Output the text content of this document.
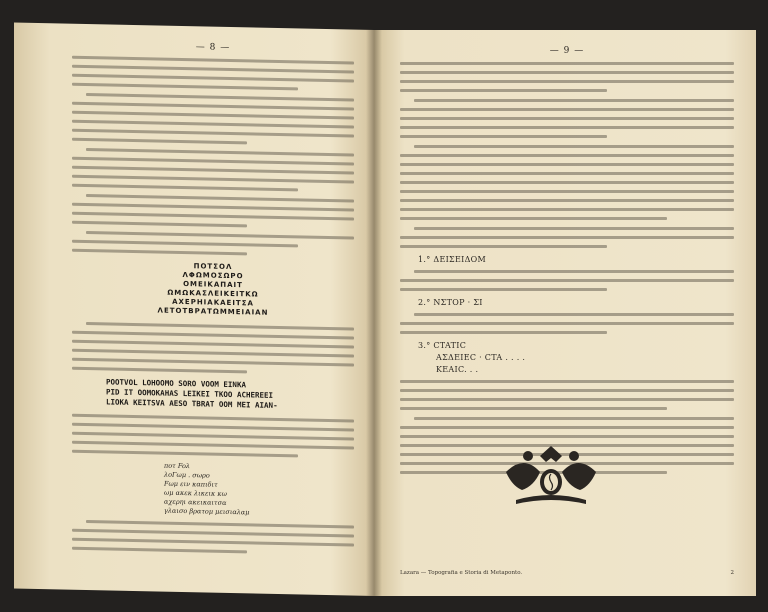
— 8 —
ΠΟΤΣΟΛ
ΛΦΩΜΟΣΩΡΟ
ΟΜΕΙΚΑΠΑΙΤ
ΩΜΩΚΑΣΛΕΙΚΕΙΤΚΩ
ΑΧΕΡΗΙΑΚΑΕΙΤΣΑ
ΛΕΤΟΤΒΡΑΤΩΜΜΕΙΑΙΑΝ
POOTVOL LOHOOMO SORO VOOM EINKA
PID IT OOMOKAHAS LEIKEI TKOO ACHEREEI
LIOKA KEITSVA AESO TBRAT OOM MEI AIAN-
ποτ Foλ
λοΓωμ . σωρο
Fωμ ειν καπιδιτ
ωμ ακεκ λικεικ κω
αχερηι ακεικαιτσα
γλαισο βρατομ μεισιαλαμ
— 9 —
1.° ΔΕΙΣΕΙΔΟΜ
2.° ΝΣΤΟΡ · ΣΙ
3.° CTATIC
ΑΣΔΕΙΕC · CTA . . . .
KEAIC. . .
Lazara — Topografia e Storia di Metaponto.	2
